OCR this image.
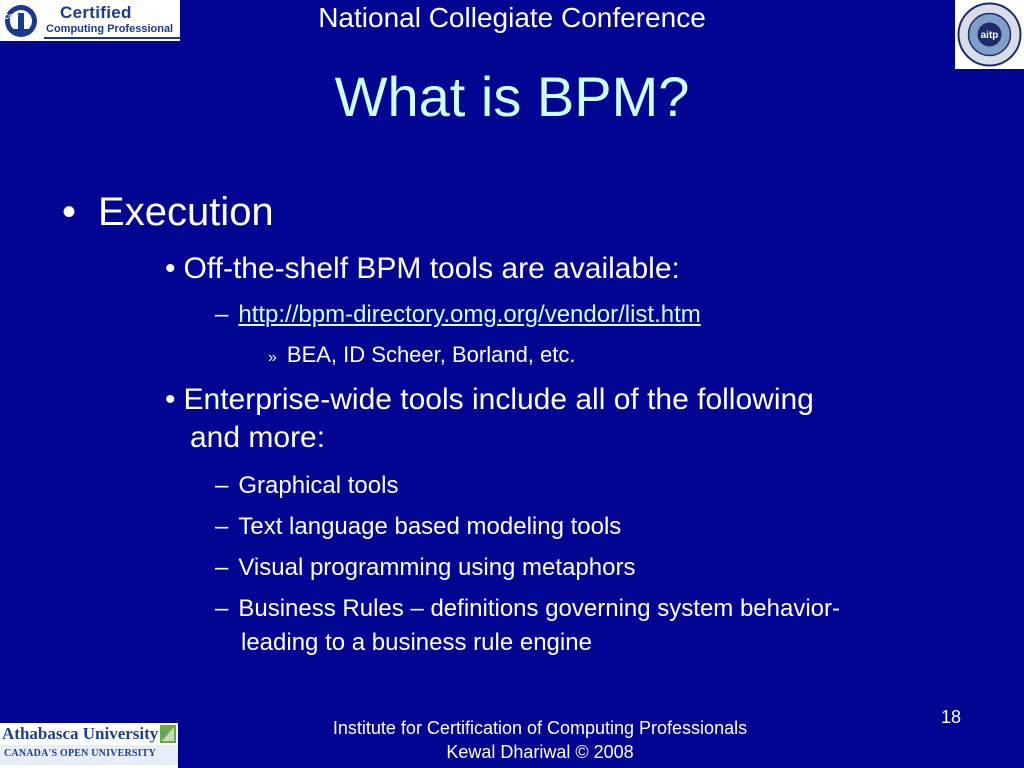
ICCP Certified
Computing Professional
aitp
National Collegiate Conference
What is BPM?
• Execution
• Off-the-shelf BPM tools are available:
– http://bpm-directory.omg.org/vendor/list.htm
» BEA, ID Scheer, Borland, etc.
• Enterprise-wide tools include all of the following
and more:
– Graphical tools
– Text language based modeling tools
– Visual programming using metaphors
– Business Rules – definitions governing system behavior-
leading to a business rule engine
Institute for Certification of Computing Professionals
Kewal Dhariwal © 2008
18
Athabasca University
CANADA'S OPEN UNIVERSITY
